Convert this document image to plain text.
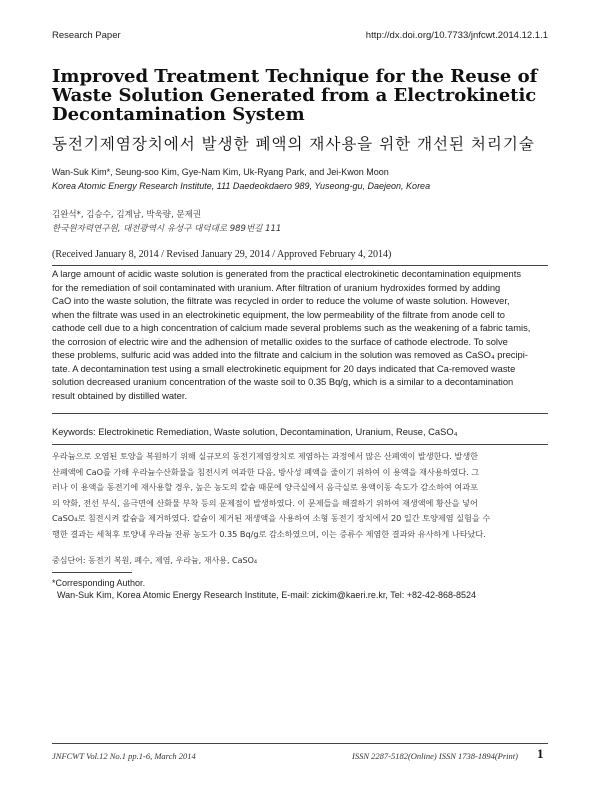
Research Paper	http://dx.doi.org/10.7733/jnfcwt.2014.12.1.1
Improved Treatment Technique for the Reuse of Waste Solution Generated from a Electrokinetic Decontamination System
동전기제염장치에서 발생한 폐액의 재사용을 위한 개선된 처리기술
Wan-Suk Kim*, Seung-soo Kim, Gye-Nam Kim, Uk-Ryang Park, and Jei-Kwon Moon
Korea Atomic Energy Research Institute, 111 Daedeokdaero 989, Yuseong-gu, Daejeon, Korea
김완석*, 김승수, 김계남, 박욱량, 문제권
한국원자력연구원, 대전광역시 유성구 대덕대로 989번길 111
(Received January 8, 2014 / Revised January 29, 2014 / Approved February 4, 2014)
A large amount of acidic waste solution is generated from the practical electrokinetic decontamination equipments
for the remediation of soil contaminated with uranium. After filtration of uranium hydroxides formed by adding
CaO into the waste solution, the filtrate was recycled in order to reduce the volume of waste solution. However,
when the filtrate was used in an electrokinetic equipment, the low permeability of the filtrate from anode cell to
cathode cell due to a high concentration of calcium made several problems such as the weakening of a fabric tamis,
the corrosion of electric wire and the adhension of metallic oxides to the surface of cathode electrode. To solve
these problems, sulfuric acid was added into the filtrate and calcium in the solution was removed as CaSO₄ precipi-
tate. A decontamination test using a small electrokinetic equipment for 20 days indicated that Ca-removed waste
solution decreased uranium concentration of the waste soil to 0.35 Bq/g, which is a similar to a decontamination
result obtained by distilled water.
Keywords: Electrokinetic Remediation, Waste solution, Decontamination, Uranium, Reuse, CaSO₄
우라늄으로 오염된 토양을 복원하기 위해 실규모의 동전기제염장치로 제염하는 과정에서 많은 산폐액이 발생한다. 발생한
산폐액에 CaO를 가해 우라늄수산화물을 침전시켜 여과한 다음, 방사성 폐액을 줄이기 위하여 이 용액을 재사용하였다. 그
러나 이 용액을 동전기에 재사용할 경우, 높은 농도의 칼슘 때문에 양극실에서 음극실로 용액이동 속도가 감소하여 여과포
의 약화, 전선 부식, 음극면에 산화물 부착 등의 문제점이 발생하였다. 이 문제들을 해결하기 위하여 재생액에 황산을 넣어
CaSO₄로 침전시켜 칼슘을 제거하였다. 칼슘이 제거된 재생액을 사용하여 소형 동전기 장치에서 20 일간 토양제염 실험을 수
행한 결과는 세척후 토양내 우라늄 잔류 농도가 0.35 Bq/g로 감소하였으며, 이는 증류수 제염한 결과와 유사하게 나타났다.
중심단어: 동전기 복원, 폐수, 제염, 우라늄, 재사용, CaSO₄
*Corresponding Author.
Wan-Suk Kim, Korea Atomic Energy Research Institute, E-mail: zickim@kaeri.re.kr, Tel: +82-42-868-8524
JNFCWT Vol.12 No.1 pp.1-6, March 2014	ISSN 2287-5182(Online) ISSN 1738-1894(Print) 1
